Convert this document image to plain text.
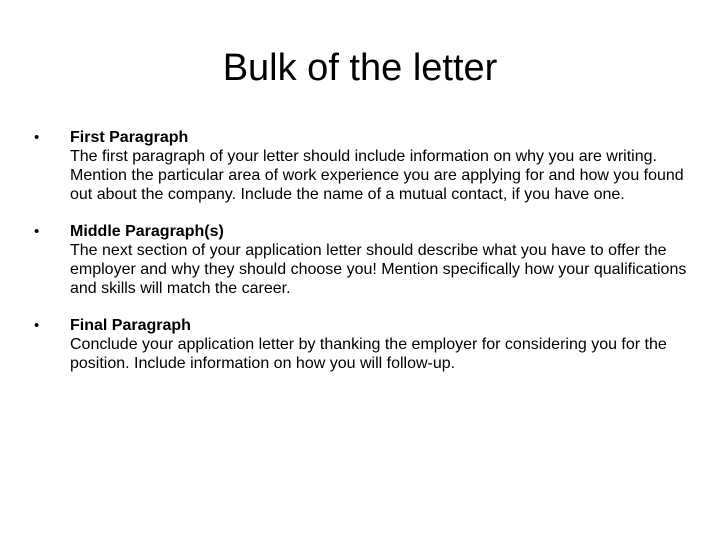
Bulk of the letter
• First Paragraph
The first paragraph of your letter should include information on why you are writing. Mention the particular area of work experience you are applying for and how you found out about the company. Include the name of a mutual contact, if you have one.
• Middle Paragraph(s)
The next section of your application letter should describe what you have to offer the employer and why they should choose you! Mention specifically how your qualifications and skills will match the career.
• Final Paragraph
Conclude your application letter by thanking the employer for considering you for the position. Include information on how you will follow-up.
